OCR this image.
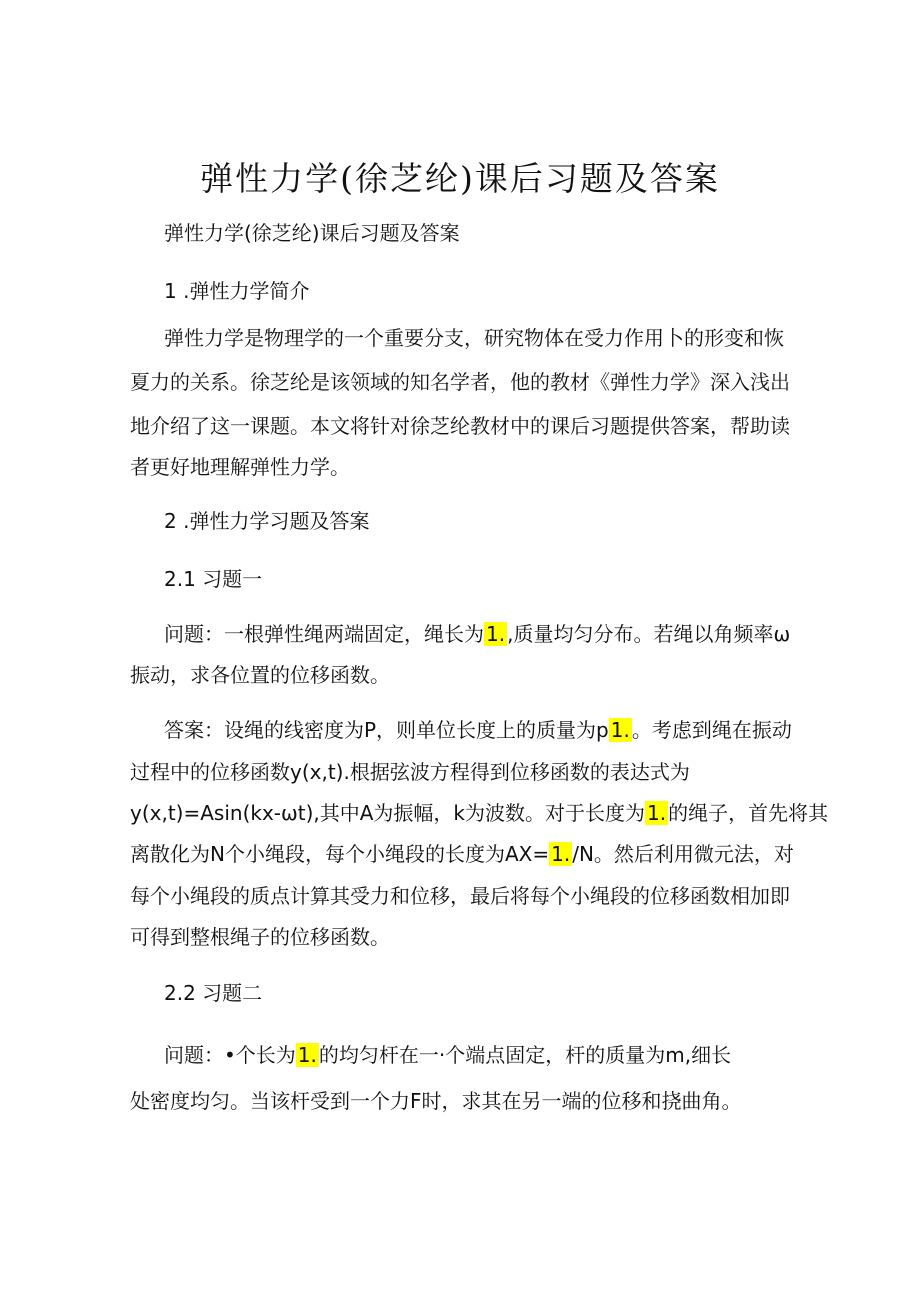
弹性力学(徐芝纶)课后习题及答案
弹性力学(徐芝纶)课后习题及答案
1 .弹性力学简介
弹性力学是物理学的一个重要分支，研究物体在受力作用卜的形变和恢
夏力的关系。徐芝纶是该领域的知名学者，他的教材《弹性力学》深入浅出
地介绍了这一课题。本文将针对徐芝纶教材中的课后习题提供答案，帮助读
者更好地理解弹性力学。
2 .弹性力学习题及答案
2.1 习题一
问题：一根弹性绳两端固定，绳长为 1. ,质量均匀分布。若绳以角频率ω
振动，求各位置的位移函数。
答案：设绳的线密度为P，则单位长度上的质量为p 1. 。考虑到绳在振动
过程中的位移函数y(x,t).根据弦波方程得到位移函数的表达式为
y(x,t)=Asin(kx-ωt),其中A为振幅，k为波数。对于长度为 1. 的绳子，首先将其
离散化为N个小绳段，每个小绳段的长度为AX= 1. /N。然后利用微元法，对
每个小绳段的质点计算其受力和位移，最后将每个小绳段的位移函数相加即
可得到整根绳子的位移函数。
2.2 习题二
问题：•个长为 1. 的均匀杆在一·个端点固定，杆的质量为m,细长
处密度均匀。当该杆受到一个力F时，求其在另一端的位移和挠曲角。
